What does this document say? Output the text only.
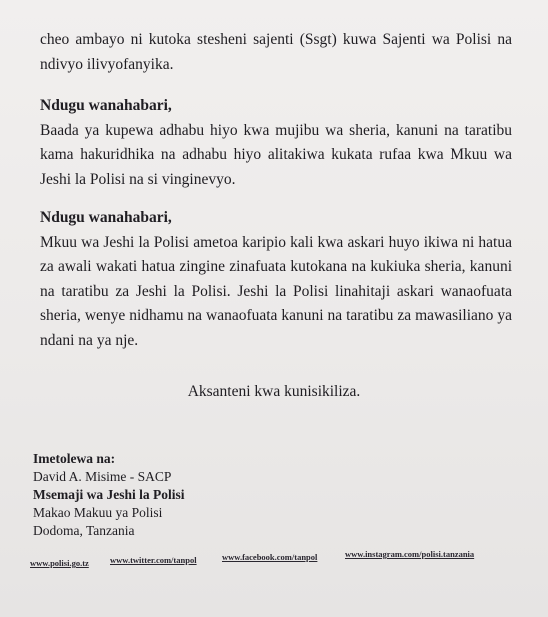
cheo ambayo ni kutoka stesheni sajenti (Ssgt) kuwa Sajenti wa Polisi na ndivyo ilivyofanyika.

Ndugu wanahabari,
Baada ya kupewa adhabu hiyo kwa mujibu wa sheria, kanuni na taratibu kama hakuridhika na adhabu hiyo alitakiwa kukata rufaa kwa Mkuu wa Jeshi la Polisi na si vinginevyo.

Ndugu wanahabari,
Mkuu wa Jeshi la Polisi ametoa karipio kali kwa askari huyo ikiwa ni hatua za awali wakati hatua zingine zinafuata kutokana na kukiuka sheria, kanuni na taratibu za Jeshi la Polisi. Jeshi la Polisi linahitaji askari wanaofuata sheria, wenye nidhamu na wanaofuata kanuni na taratibu za mawasiliano ya ndani na ya nje.

Aksanteni kwa kunisikiliza.
Imetolewa na:
David A. Misime - SACP
Msemaji wa Jeshi la Polisi
Makao Makuu ya Polisi
Dodoma, Tanzania
www.polisi.go.tz www.twitter.com/tanpol	www.facebook.com/tanpol	www.instagram.com/polisi.tanzania
